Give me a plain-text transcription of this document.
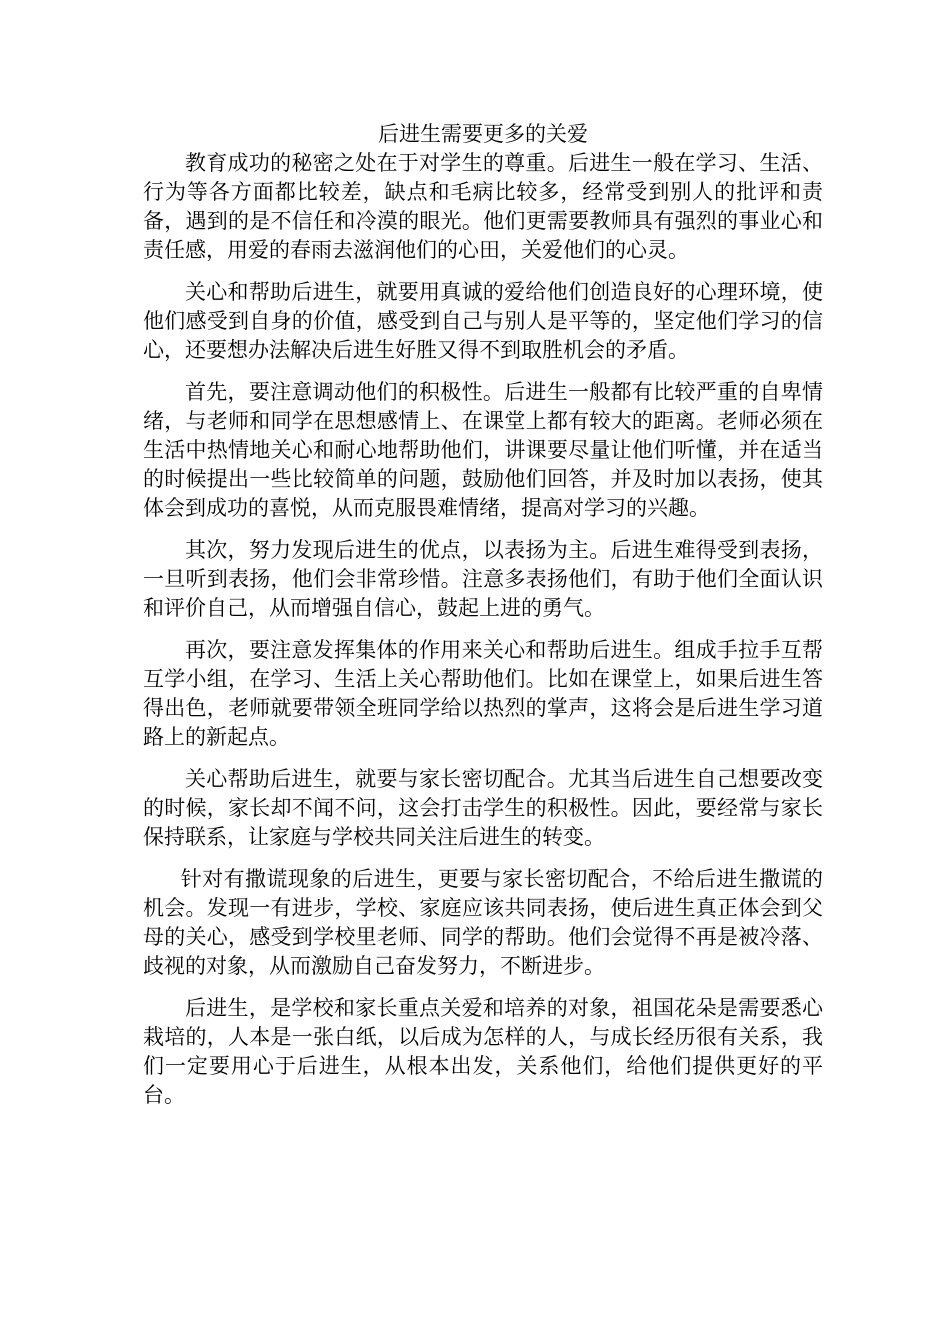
后进生需要更多的关爱

教育成功的秘密之处在于对学生的尊重。后进生一般在学习、生活、行为等各方面都比较差，缺点和毛病比较多，经常受到别人的批评和责备，遇到的是不信任和冷漠的眼光。他们更需要教师具有强烈的事业心和责任感，用爱的春雨去滋润他们的心田，关爱他们的心灵。

关心和帮助后进生，就要用真诚的爱给他们创造良好的心理环境，使他们感受到自身的价值，感受到自己与别人是平等的，坚定他们学习的信心，还要想办法解决后进生好胜又得不到取胜机会的矛盾。

首先，要注意调动他们的积极性。后进生一般都有比较严重的自卑情绪，与老师和同学在思想感情上、在课堂上都有较大的距离。老师必须在生活中热情地关心和耐心地帮助他们，讲课要尽量让他们听懂，并在适当的时候提出一些比较简单的问题，鼓励他们回答，并及时加以表扬，使其体会到成功的喜悦，从而克服畏难情绪，提高对学习的兴趣。

其次，努力发现后进生的优点，以表扬为主。后进生难得受到表扬，一旦听到表扬，他们会非常珍惜。注意多表扬他们，有助于他们全面认识和评价自己，从而增强自信心，鼓起上进的勇气。

再次，要注意发挥集体的作用来关心和帮助后进生。组成手拉手互帮互学小组，在学习、生活上关心帮助他们。比如在课堂上，如果后进生答得出色，老师就要带领全班同学给以热烈的掌声，这将会是后进生学习道路上的新起点。

关心帮助后进生，就要与家长密切配合。尤其当后进生自己想要改变的时候，家长却不闻不问，这会打击学生的积极性。因此，要经常与家长保持联系，让家庭与学校共同关注后进生的转变。

针对有撒谎现象的后进生，更要与家长密切配合，不给后进生撒谎的机会。发现一有进步，学校、家庭应该共同表扬，使后进生真正体会到父母的关心，感受到学校里老师、同学的帮助。他们会觉得不再是被冷落、歧视的对象，从而激励自己奋发努力，不断进步。

后进生，是学校和家长重点关爱和培养的对象，祖国花朵是需要悉心栽培的，人本是一张白纸，以后成为怎样的人，与成长经历很有关系，我们一定要用心于后进生，从根本出发，关系他们，给他们提供更好的平台。
